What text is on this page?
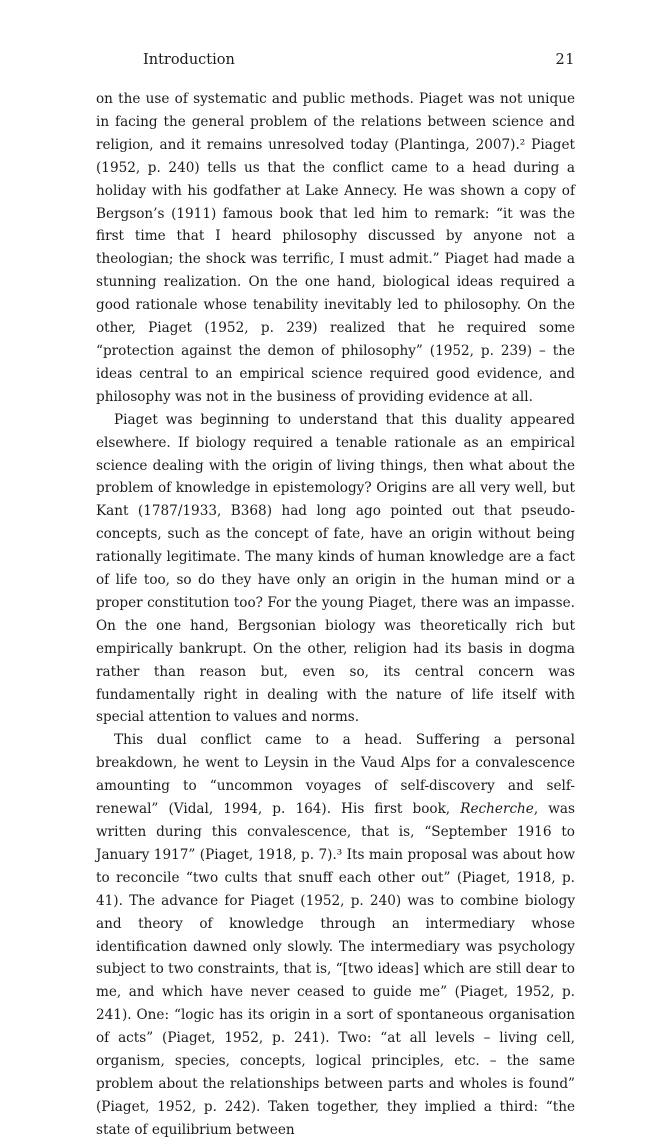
Introduction	21

on the use of systematic and public methods. Piaget was not unique in facing the general problem of the relations between science and religion, and it remains unresolved today (Plantinga, 2007).² Piaget (1952, p. 240) tells us that the conflict came to a head during a holiday with his godfather at Lake Annecy. He was shown a copy of Bergson’s (1911) famous book that led him to remark: “it was the first time that I heard philosophy discussed by anyone not a theologian; the shock was terrific, I must admit.” Piaget had made a stunning realization. On the one hand, biological ideas required a good rationale whose tenability inevitably led to philosophy. On the other, Piaget (1952, p. 239) realized that he required some “protection against the demon of philosophy” (1952, p. 239) – the ideas central to an empirical science required good evidence, and philosophy was not in the business of providing evidence at all.

Piaget was beginning to understand that this duality appeared elsewhere. If biology required a tenable rationale as an empirical science dealing with the origin of living things, then what about the problem of knowledge in epistemology? Origins are all very well, but Kant (1787/1933, B368) had long ago pointed out that pseudo-concepts, such as the concept of fate, have an origin without being rationally legitimate. The many kinds of human knowledge are a fact of life too, so do they have only an origin in the human mind or a proper constitution too? For the young Piaget, there was an impasse. On the one hand, Bergsonian biology was theoretically rich but empirically bankrupt. On the other, religion had its basis in dogma rather than reason but, even so, its central concern was fundamentally right in dealing with the nature of life itself with special attention to values and norms.

This dual conflict came to a head. Suffering a personal breakdown, he went to Leysin in the Vaud Alps for a convalescence amounting to “uncommon voyages of self-discovery and self-renewal” (Vidal, 1994, p. 164). His first book, Recherche, was written during this convalescence, that is, “September 1916 to January 1917” (Piaget, 1918, p. 7).³ Its main proposal was about how to reconcile “two cults that snuff each other out” (Piaget, 1918, p. 41). The advance for Piaget (1952, p. 240) was to combine biology and theory of knowledge through an intermediary whose identification dawned only slowly. The intermediary was psychology subject to two constraints, that is, “[two ideas] which are still dear to me, and which have never ceased to guide me” (Piaget, 1952, p. 241). One: “logic has its origin in a sort of spontaneous organisation of acts” (Piaget, 1952, p. 241). Two: “at all levels – living cell, organism, species, concepts, logical principles, etc. – the same problem about the relationships between parts and wholes is found” (Piaget, 1952, p. 242). Taken together, they implied a third: “the state of equilibrium between
